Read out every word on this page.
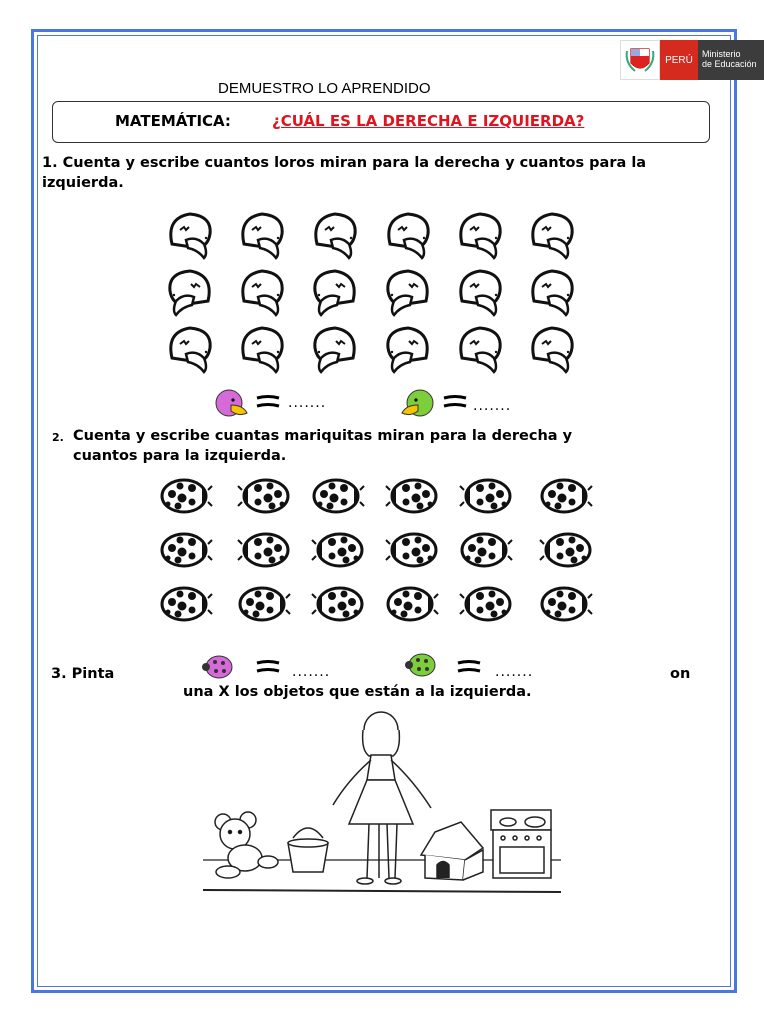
PERÚ
Ministerio
de Educación
DEMUESTRO LO APRENDIDO
MATEMÁTICA:	¿CUÁL ES LA DERECHA E IZQUIERDA?
1. Cuenta y escribe cuantos loros miran para la derecha y cuantos para la
izquierda.
.......	.......
2. Cuenta y escribe cuantas mariquitas miran para la derecha y
cuantos para la izquierda.
3. Pinta	on
una X los objetos que están a la izquierda.
.......	.......
